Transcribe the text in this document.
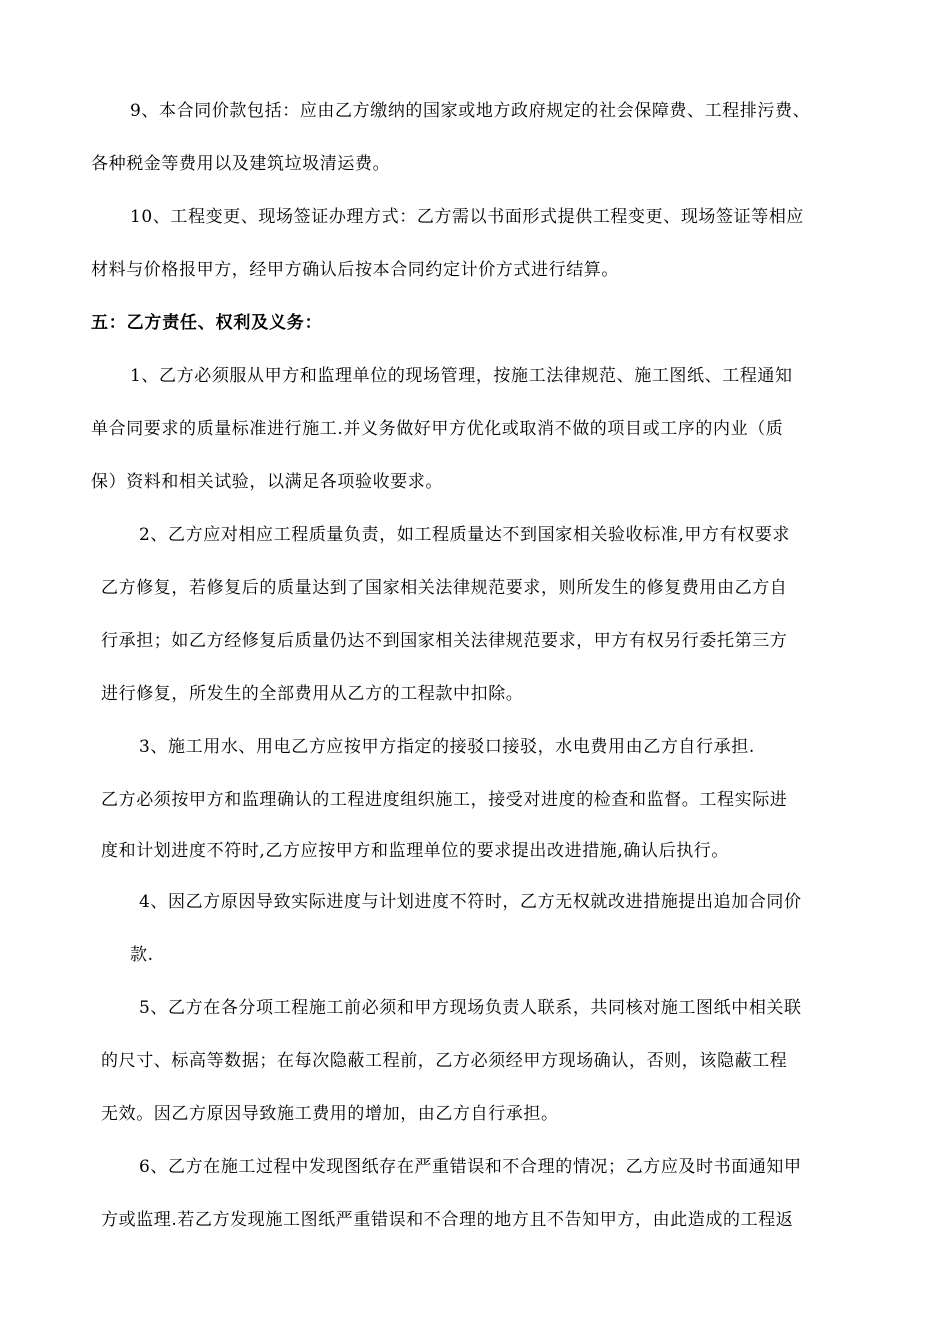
9、本合同价款包括：应由乙方缴纳的国家或地方政府规定的社会保障费、工程排污费、
各种税金等费用以及建筑垃圾清运费。
10、工程变更、现场签证办理方式：乙方需以书面形式提供工程变更、现场签证等相应
材料与价格报甲方，经甲方确认后按本合同约定计价方式进行结算。
五：乙方责任、权利及义务：
1、乙方必须服从甲方和监理单位的现场管理，按施工法律规范、施工图纸、工程通知
单合同要求的质量标准进行施工.并义务做好甲方优化或取消不做的项目或工序的内业（质
保）资料和相关试验，以满足各项验收要求。
2、乙方应对相应工程质量负责，如工程质量达不到国家相关验收标准,甲方有权要求
乙方修复，若修复后的质量达到了国家相关法律规范要求，则所发生的修复费用由乙方自
行承担；如乙方经修复后质量仍达不到国家相关法律规范要求，甲方有权另行委托第三方
进行修复，所发生的全部费用从乙方的工程款中扣除。
3、施工用水、用电乙方应按甲方指定的接驳口接驳，水电费用由乙方自行承担.
乙方必须按甲方和监理确认的工程进度组织施工，接受对进度的检查和监督。工程实际进
度和计划进度不符时,乙方应按甲方和监理单位的要求提出改进措施,确认后执行。
4、因乙方原因导致实际进度与计划进度不符时，乙方无权就改进措施提出追加合同价
款.
5、乙方在各分项工程施工前必须和甲方现场负责人联系，共同核对施工图纸中相关联
的尺寸、标高等数据；在每次隐蔽工程前，乙方必须经甲方现场确认，否则，该隐蔽工程
无效。因乙方原因导致施工费用的增加，由乙方自行承担。
6、乙方在施工过程中发现图纸存在严重错误和不合理的情况；乙方应及时书面通知甲
方或监理.若乙方发现施工图纸严重错误和不合理的地方且不告知甲方，由此造成的工程返
